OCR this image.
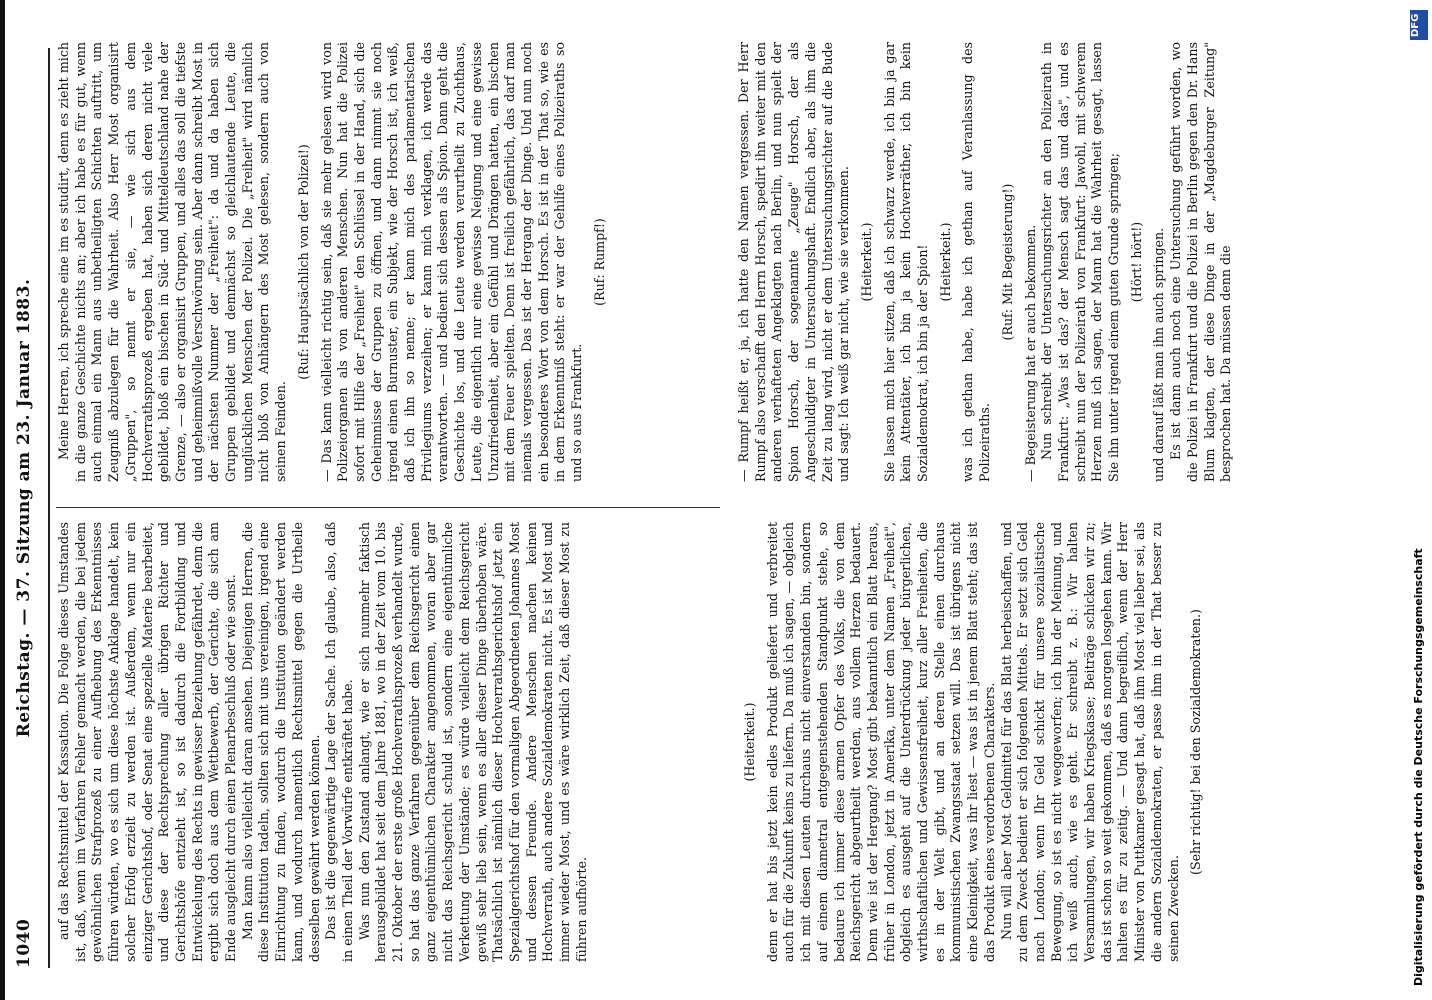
1040
Reichstag. — 37. Sitzung am 23. Januar 1883. auf das Rechtsmittel der Kassation. Die Folge dieses Umstandes ist, daß, wenn im Verfahren Fehler gemacht werden, die bei jedem gewöhnlichen Strafprozeß zu einer Aufhebung des Erkenntnisses führen würden, wo es sich um diese höchste Anklage handelt, kein solcher Erfolg erzielt zu werden ist. Außerdem, wenn nur ein einziger Gerichtshof, oder Senat eine spezielle Materie bearbeitet, und diese der Rechtsprechung aller übrigen Richter und Gerichtshöfe entzieht ist, so ist dadurch die Fortbildung und Entwickelung des Rechts in gewisser Beziehung gefährdet, denn die ergibt sich doch aus dem Wettbewerb, der Gerichte, die sich am Ende ausgleicht durch einen Plenarbeschluß oder wie sonst. Man kann also vielleicht daran ansehen. Diejenigen Herren, die diese Institution tadeln, sollten sich mit uns vereinigen, irgend eine Einrichtung zu finden, wodurch die Institution geändert werden kann, und wodurch namentlich Rechtsmittel gegen die Urtheile desselben gewährt werden können. Das ist die gegenwärtige Lage der Sache. Ich glaube, also, daß in einen Theil der Vorwürfe entkräftet habe. Was nun den Zustand anlangt, wie er sich nunmehr faktisch herausgebildet hat seit dem Jahre 1881, wo in der Zeit vom 10. bis 21. Oktober der erste große Hochverrathsprozeß verhandelt wurde, so hat das ganze Verfahren gegenüber dem Reichsgericht einen ganz eigenthümlichen Charakter angenommen, woran aber gar nicht das Reichsgericht schuld ist, sondern eine eigenthümliche Verkettung der Umstände; es würde vielleicht dem Reichsgericht gewiß sehr lieb sein, wenn es aller dieser Dinge überhoben wäre. Thatsächlich ist nämlich dieser Hochverrathsgerichtshof jetzt ein Spezialgerichtshof für den vormaligen Abgeordneten Johannes Most und dessen Freunde. Andere Menschen machen keinen Hochverrath, auch andere Sozialdemokraten nicht. Es ist Most und immer wieder Most, und es wäre wirklich Zeit, daß dieser Most zu führen aufhörte.

(Heiterkeit.) denn er hat bis jetzt kein edles Produkt geliefert und verbreitet auch für die Zukunft keins zu liefern. Da muß ich sagen, — obgleich ich mit diesen Leuten durchaus nicht einverstanden bin, sondern auf einem diametral entgegenstehenden Standpunkt stehe, so bedaure ich immer diese armen Opfer des Volks, die von dem Reichsgericht abgeurtheilt werden, aus vollem Herzen bedauert. Denn wie ist der Hergang? Most gibt bekanntlich ein Blatt heraus, früher in London, jetzt in Amerika, unter dem Namen „Freiheit", obgleich es ausgeht auf die Unterdrückung jeder bürgerlichen, wirthschaftlichen und Gewissensfreiheit, kurz aller Freiheiten, die es in der Welt gibt, und an deren Stelle einen durchaus kommunistischen Zwangsstaat setzen will. Das ist übrigens nicht eine Kleinigkeit, was ihr liest — was ist in jenem Blatt steht; das ist das Produkt eines verdorbenen Charakters. Nun will aber Most Geldmittel für das Blatt herbeischaffen, und zu dem Zweck bedient er sich folgenden Mittels. Er setzt sich Geld nach London; wenn Ihr Geld schickt für unsere sozialistische Bewegung, so ist es nicht weggeworfen; ich bin der Meinung, und ich weiß auch, wie es geht. Er schreibt z. B.: Wir halten Versammlungen, wir haben Kriegskasse; Beiträge schicken wir zu; das ist schon so weit gekommen, daß es morgen losgehen kann. Wir halten es für zu zeitig. — Und dann begreiflich, wenn der Herr Minister von Puttkamer gesagt hat, daß ihm Most viel lieber sei, als die andern Sozialdemokraten, er passe ihm in der That besser zu seinen Zwecken.

(Sehr richtig! bei den Sozialdemokraten.)

Meine Herren, ich spreche eine im es studirt, denn es zieht mich in die ganze Geschichte nichts an; aber ich habe es für gut, wenn auch einmal ein Mann aus unbetheiligten Schichten auftritt, um Zeugniß abzulegen für die Wahrheit. Also Herr Most organisirt „Gruppen", so nennt er sie, — wie sich aus dem Hochverrathsprozeß ergeben hat, haben sich deren nicht viele gebildet, bloß ein bischen in Süd- und Mitteldeutschland nahe der Grenze, — also er organisirt Gruppen, und alles das soll die tiefste und geheimnißvolle Verschwörung sein. Aber dann schreibt Most in der nächsten Nummer der „Freiheit": da und da haben sich Gruppen gebildet und demnächst so gleichlautende Leute, die unglücklichen Menschen der Polizei. Die „Freiheit" wird nämlich nicht bloß von Anhängern des Most gelesen, sondern auch von seinen Feinden.

(Ruf: Hauptsächlich von der Polizei!) — Das kann vielleicht richtig sein, daß sie mehr gelesen wird von Polizeiorganen als von anderen Menschen. Nun hat die Polizei sofort mit Hilfe der „Freiheit" den Schlüssel in der Hand, sich die Geheimnisse der Gruppen zu öffnen, und dann nimmt sie noch irgend einen Burnuster, ein Subjekt, wie der Horsch ist, ich weiß, daß ich ihn so nenne; er kann mich des parlamentarischen Privilegiums verzeihen; er kann mich verklagen, ich werde das verantworten. — und bedient sich dessen als Spion. Dann geht die Geschichte los, und die Leute werden verurtheilt zu Zuchthaus, Leute, die eigentlich nur eine gewisse Neigung und eine gewisse Unzufriedenheit, aber ein Gefühl und Drängen hatten, ein bischen mit dem Feuer spielten. Denn ist freilich gefährlich, das darf man niemals vergessen. Das ist der Hergang der Dinge. Und nun noch ein besonderes Wort von dem Horsch. Es ist in der That so, wie es in dem Erkenntniß steht: er war der Gehilfe eines Polizeiraths so und so aus Frankfurt.

(Ruf: Rumpf!)	— Rumpf heißt er, ja, ich hatte den Namen vergessen. Der Herr Rumpf also verschafft den Herrn Horsch, spedirt ihn weiter mit den anderen verhafteten Angeklagten nach Berlin, und nun spielt der Spion Horsch, der sogenannte „Zeuge" Horsch, der als Angeschuldigter in Untersuchungshaft. Endlich aber, als ihm die Zeit zu lang wird, nicht er dem Untersuchungsrichter auf die Bude und sagt: Ich weiß gar nicht, wie sie verkommen. (Heiterkeit.) Sie lassen mich hier sitzen, daß ich schwarz werde, ich bin ja gar kein Attentäter, ich bin ja kein Hochverräther, ich bin kein Sozialdemokrat, ich bin ja der Spion! (Heiterkeit.) was ich gethan habe, habe ich gethan auf Veranlassung des Polizeiraths.

(Ruf: Mit Begeisterung!) — Begeisterung hat er auch bekommen. Nun schreibt der Untersuchungsrichter an den Polizeirath in Frankfurt: „Was ist das? der Mensch sagt das und das", und es schreibt nun der Polizeirath von Frankfurt: Jawohl, mit schwerem Herzen muß ich sagen, der Mann hat die Wahrheit gesagt, lassen Sie ihn unter irgend einem guten Grunde springen; (Hört! hört!) und darauf läßt man ihn auch springen. Es ist dann auch noch eine Untersuchung geführt worden, wo die Polizei in Frankfurt und die Polizei in Berlin gegen den Dr. Hans Blum klagten, der diese Dinge in der „Magdeburger Zeitung" besprochen hat. Da müssen denn die

DFG
Digitalisierung gefördert durch die Deutsche Forschungsgemeinschaft
